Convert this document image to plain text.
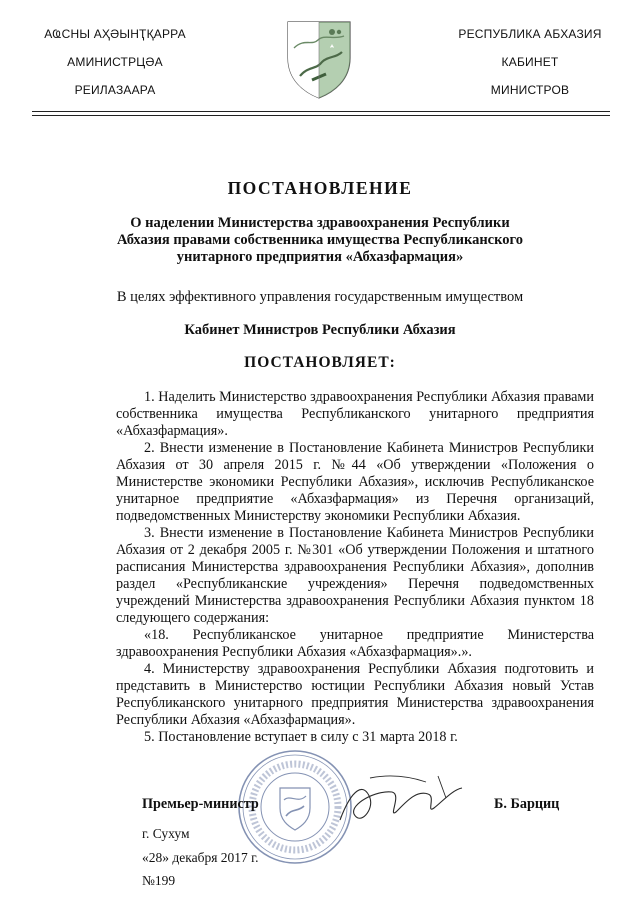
АҨСНЫ АҲӘЫНҬҚАРРА
АМИНИСТРЦӘА
РЕИЛАЗААРА
РЕСПУБЛИКА АБХАЗИЯ
КАБИНЕТ
МИНИСТРОВ
ПОСТАНОВЛЕНИЕ
О наделении Министерства здравоохранения Республики
Абхазия правами собственника имущества Республиканского
унитарного предприятия «Абхазфармация»
В целях эффективного управления государственным имуществом
Кабинет Министров Республики Абхазия
ПОСТАНОВЛЯЕТ:

1. Наделить Министерство здравоохранения Республики Абхазия правами собственника имущества Республиканского унитарного предприятия «Абхазфармация».

2. Внести изменение в Постановление Кабинета Министров Республики Абхазия от 30 апреля 2015 г. №44 «Об утверждении «Положения о Министерстве экономики Республики Абхазия», исключив Республиканское унитарное предприятие «Абхазфармация» из Перечня организаций, подведомственных Министерству экономики Республики Абхазия.

3. Внести изменение в Постановление Кабинета Министров Республики Абхазия от 2 декабря 2005 г. №301 «Об утверждении Положения и штатного расписания Министерства здравоохранения Республики Абхазия», дополнив раздел «Республиканские учреждения» Перечня подведомственных учреждений Министерства здравоохранения Республики Абхазия пунктом 18 следующего содержания:

«18. Республиканское унитарное предприятие Министерства здравоохранения Республики Абхазия «Абхазфармация».».

4. Министерству здравоохранения Республики Абхазия подготовить и представить в Министерство юстиции Республики Абхазия новый Устав Республиканского унитарного предприятия Министерства здравоохранения Республики Абхазия «Абхазфармация».

5. Постановление вступает в силу с 31 марта 2018 г.

Премьер-министр	Б. Барциц
г. Сухум
«28» декабря 2017 г.
№199
